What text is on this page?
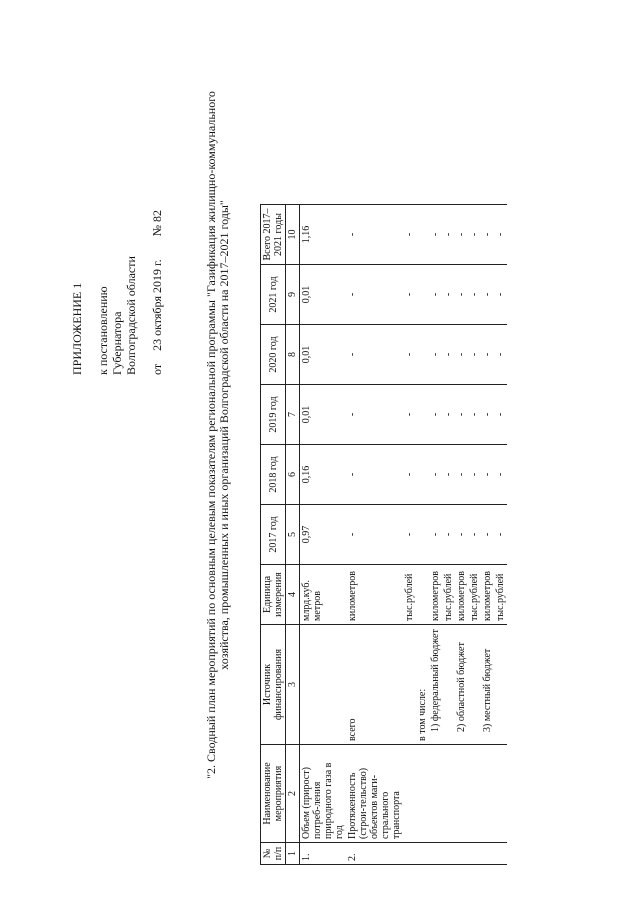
ПРИЛОЖЕНИЕ 1 к постановлению Губернатора Волгоградской области от 23 октября 2019 г. № 82	"2. Сводный план мероприятий по основным целевым показателям региональной программы "Газификация жилищно-коммунального хозяйства, промышленных и иных организаций Волгоградской области на 2017–2021 годы"
№ п/п	Наименование мероприятия	Источник финансирования	Единица измерения	2017 год	2018 год	2019 год	2020 год	2021 год	Всего 2017–2021 годы
1	2	3	4	5	6	7	8	9	10
1.	Объем (прирост) потреб-ления природного газа в год		млрд.куб. метров	0,97	0,16	0,01	0,01	0,01	1,16
2.	Протяженность (строи-тельство) объектов маги-стрального транспорта	всего	километров	-	-	-	-	-	-
			тыс.рублей	-	-	-	-	-	-
		в том числе:							
		1) федеральный бюджет	километров	-	-	-	-	-	-
			тыс.рублей	-	-	-	-	-	-
		2) областной бюджет	километров	-	-	-	-	-	-
			тыс.рублей	-	-	-	-	-	-
		3) местный бюджет	километров	-	-	-	-	-	-
			тыс.рублей	-	-	-	-	-	-
